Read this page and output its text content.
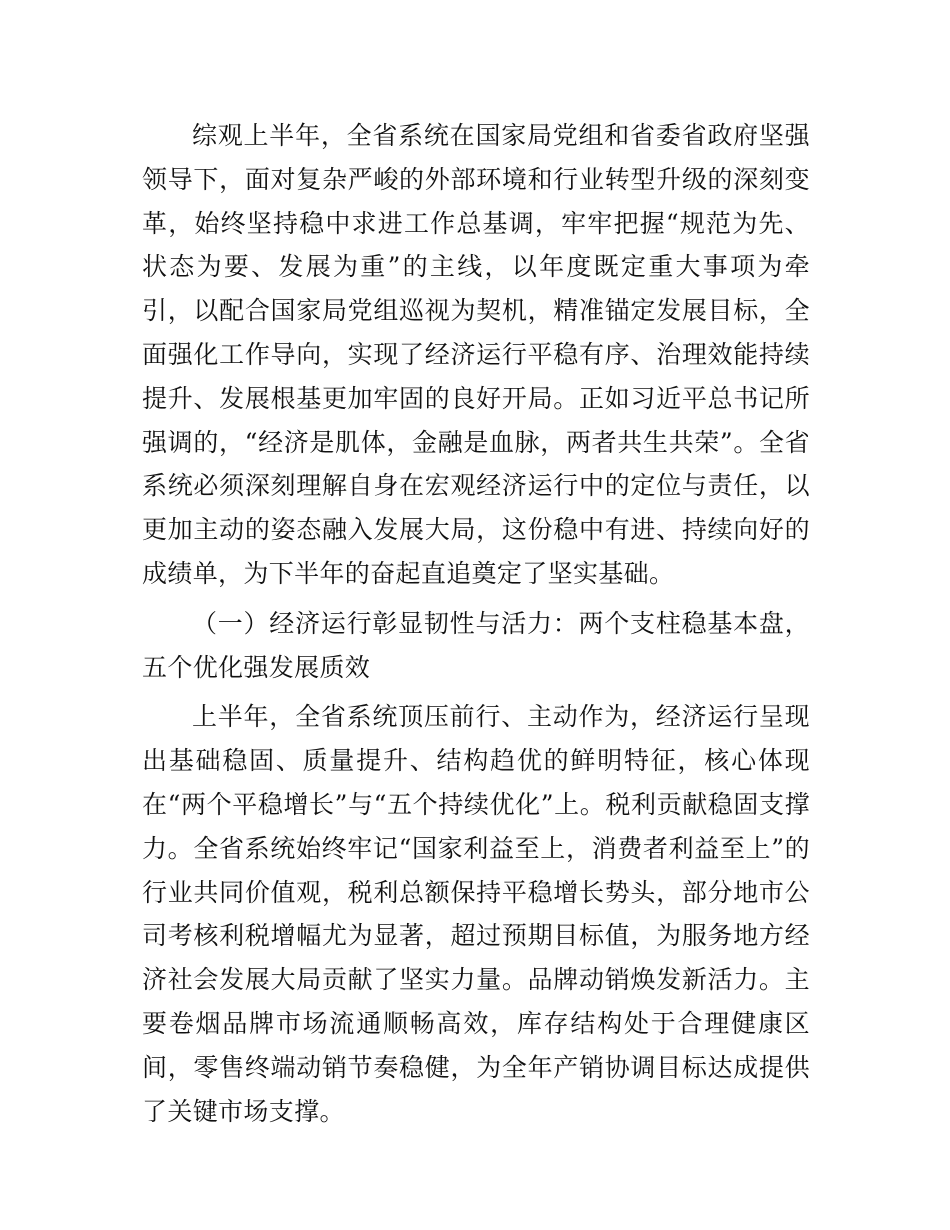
综观上半年，全省系统在国家局党组和省委省政府坚强领导下，面对复杂严峻的外部环境和行业转型升级的深刻变革，始终坚持稳中求进工作总基调，牢牢把握“规范为先、状态为要、发展为重”的主线，以年度既定重大事项为牵引，以配合国家局党组巡视为契机，精准锚定发展目标，全面强化工作导向，实现了经济运行平稳有序、治理效能持续提升、发展根基更加牢固的良好开局。正如习近平总书记所强调的，“经济是肌体，金融是血脉，两者共生共荣”。全省系统必须深刻理解自身在宏观经济运行中的定位与责任，以更加主动的姿态融入发展大局，这份稳中有进、持续向好的成绩单，为下半年的奋起直追奠定了坚实基础。

（一）经济运行彰显韧性与活力：两个支柱稳基本盘，五个优化强发展质效

上半年，全省系统顶压前行、主动作为，经济运行呈现出基础稳固、质量提升、结构趋优的鲜明特征，核心体现在“两个平稳增长”与“五个持续优化”上。税利贡献稳固支撑力。全省系统始终牢记“国家利益至上，消费者利益至上”的行业共同价值观，税利总额保持平稳增长势头，部分地市公司考核利税增幅尤为显著，超过预期目标值，为服务地方经济社会发展大局贡献了坚实力量。品牌动销焕发新活力。主要卷烟品牌市场流通顺畅高效，库存结构处于合理健康区间，零售终端动销节奏稳健，为全年产销协调目标达成提供了关键市场支撑。
